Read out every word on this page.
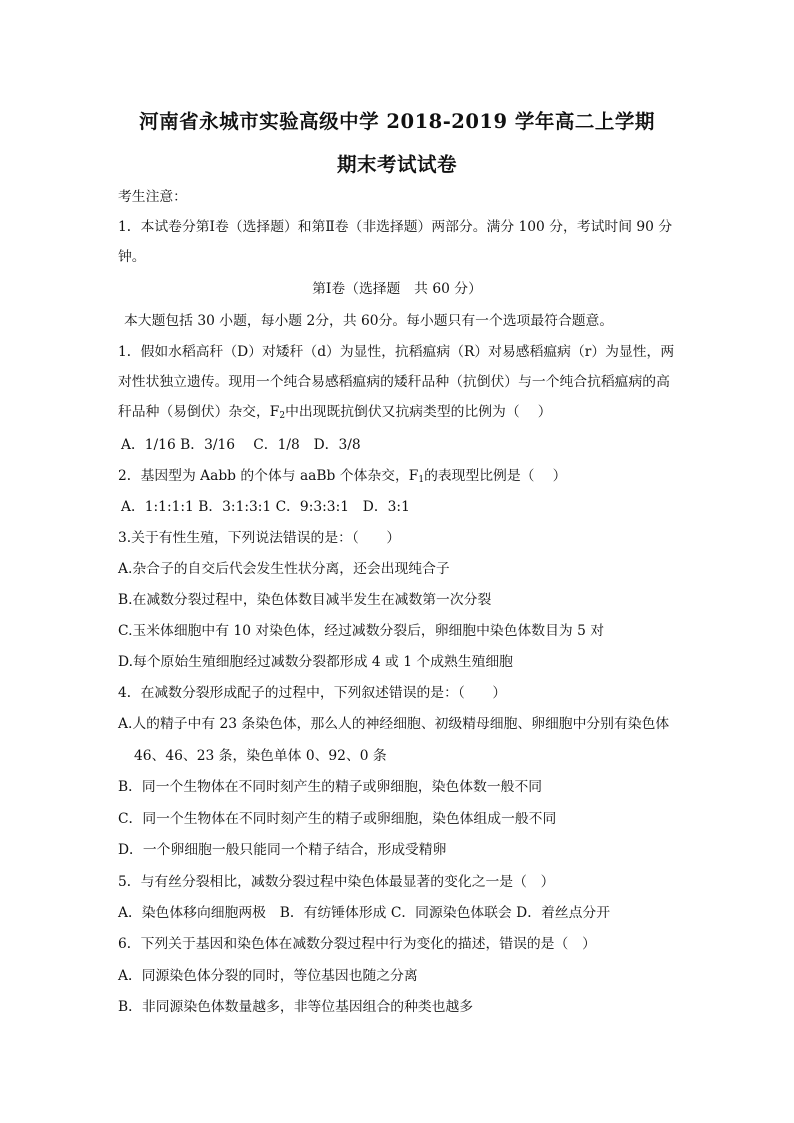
河南省永城市实验高级中学 2018-2019 学年高二上学期
期末考试试卷
考生注意：
1．本试卷分第Ⅰ卷（选择题）和第Ⅱ卷（非选择题）两部分。满分 100 分，考试时间 90 分
钟。
第Ⅰ卷（选择题　共 60 分）
本大题包括 30 小题，每小题 2分，共 60分。每小题只有一个选项最符合题意。
1．假如水稻高秆（D）对矮秆（d）为显性，抗稻瘟病（R）对易感稻瘟病（r）为显性，两
对性状独立遗传。现用一个纯合易感稻瘟病的矮秆品种（抗倒伏）与一个纯合抗稻瘟病的高
秆品种（易倒伏）杂交，$F_2$中出现既抗倒伏又抗病类型的比例为（　 ）
A．1/16 B．3/16　 C．1/8　D．3/8
2．基因型为 Aabb 的个体与 aaBb 个体杂交，$F_1$的表现型比例是（　 ）
A．1:1:1:1 B．3:1:3:1 C．9:3:3:1　D．3:1
3.关于有性生殖，下列说法错误的是：（　　）
A.杂合子的自交后代会发生性状分离，还会出现纯合子
B.在减数分裂过程中，染色体数目减半发生在减数第一次分裂
C.玉米体细胞中有 10 对染色体，经过减数分裂后，卵细胞中染色体数目为 5 对
D.每个原始生殖细胞经过减数分裂都形成 4 或 1 个成熟生殖细胞
4．在减数分裂形成配子的过程中，下列叙述错误的是：（　　）
A.人的精子中有 23 条染色体，那么人的神经细胞、初级精母细胞、卵细胞中分别有染色体
46、46、23 条，染色单体 0、92、0 条
B．同一个生物体在不同时刻产生的精子或卵细胞，染色体数一般不同
C．同一个生物体在不同时刻产生的精子或卵细胞，染色体组成一般不同
D．一个卵细胞一般只能同一个精子结合，形成受精卵
5．与有丝分裂相比，减数分裂过程中染色体最显著的变化之一是（　）
A．染色体移向细胞两极　B．有纺锤体形成 C．同源染色体联会 D．着丝点分开
6．下列关于基因和染色体在减数分裂过程中行为变化的描述，错误的是（　）
A．同源染色体分裂的同时，等位基因也随之分离
B．非同源染色体数量越多，非等位基因组合的种类也越多
